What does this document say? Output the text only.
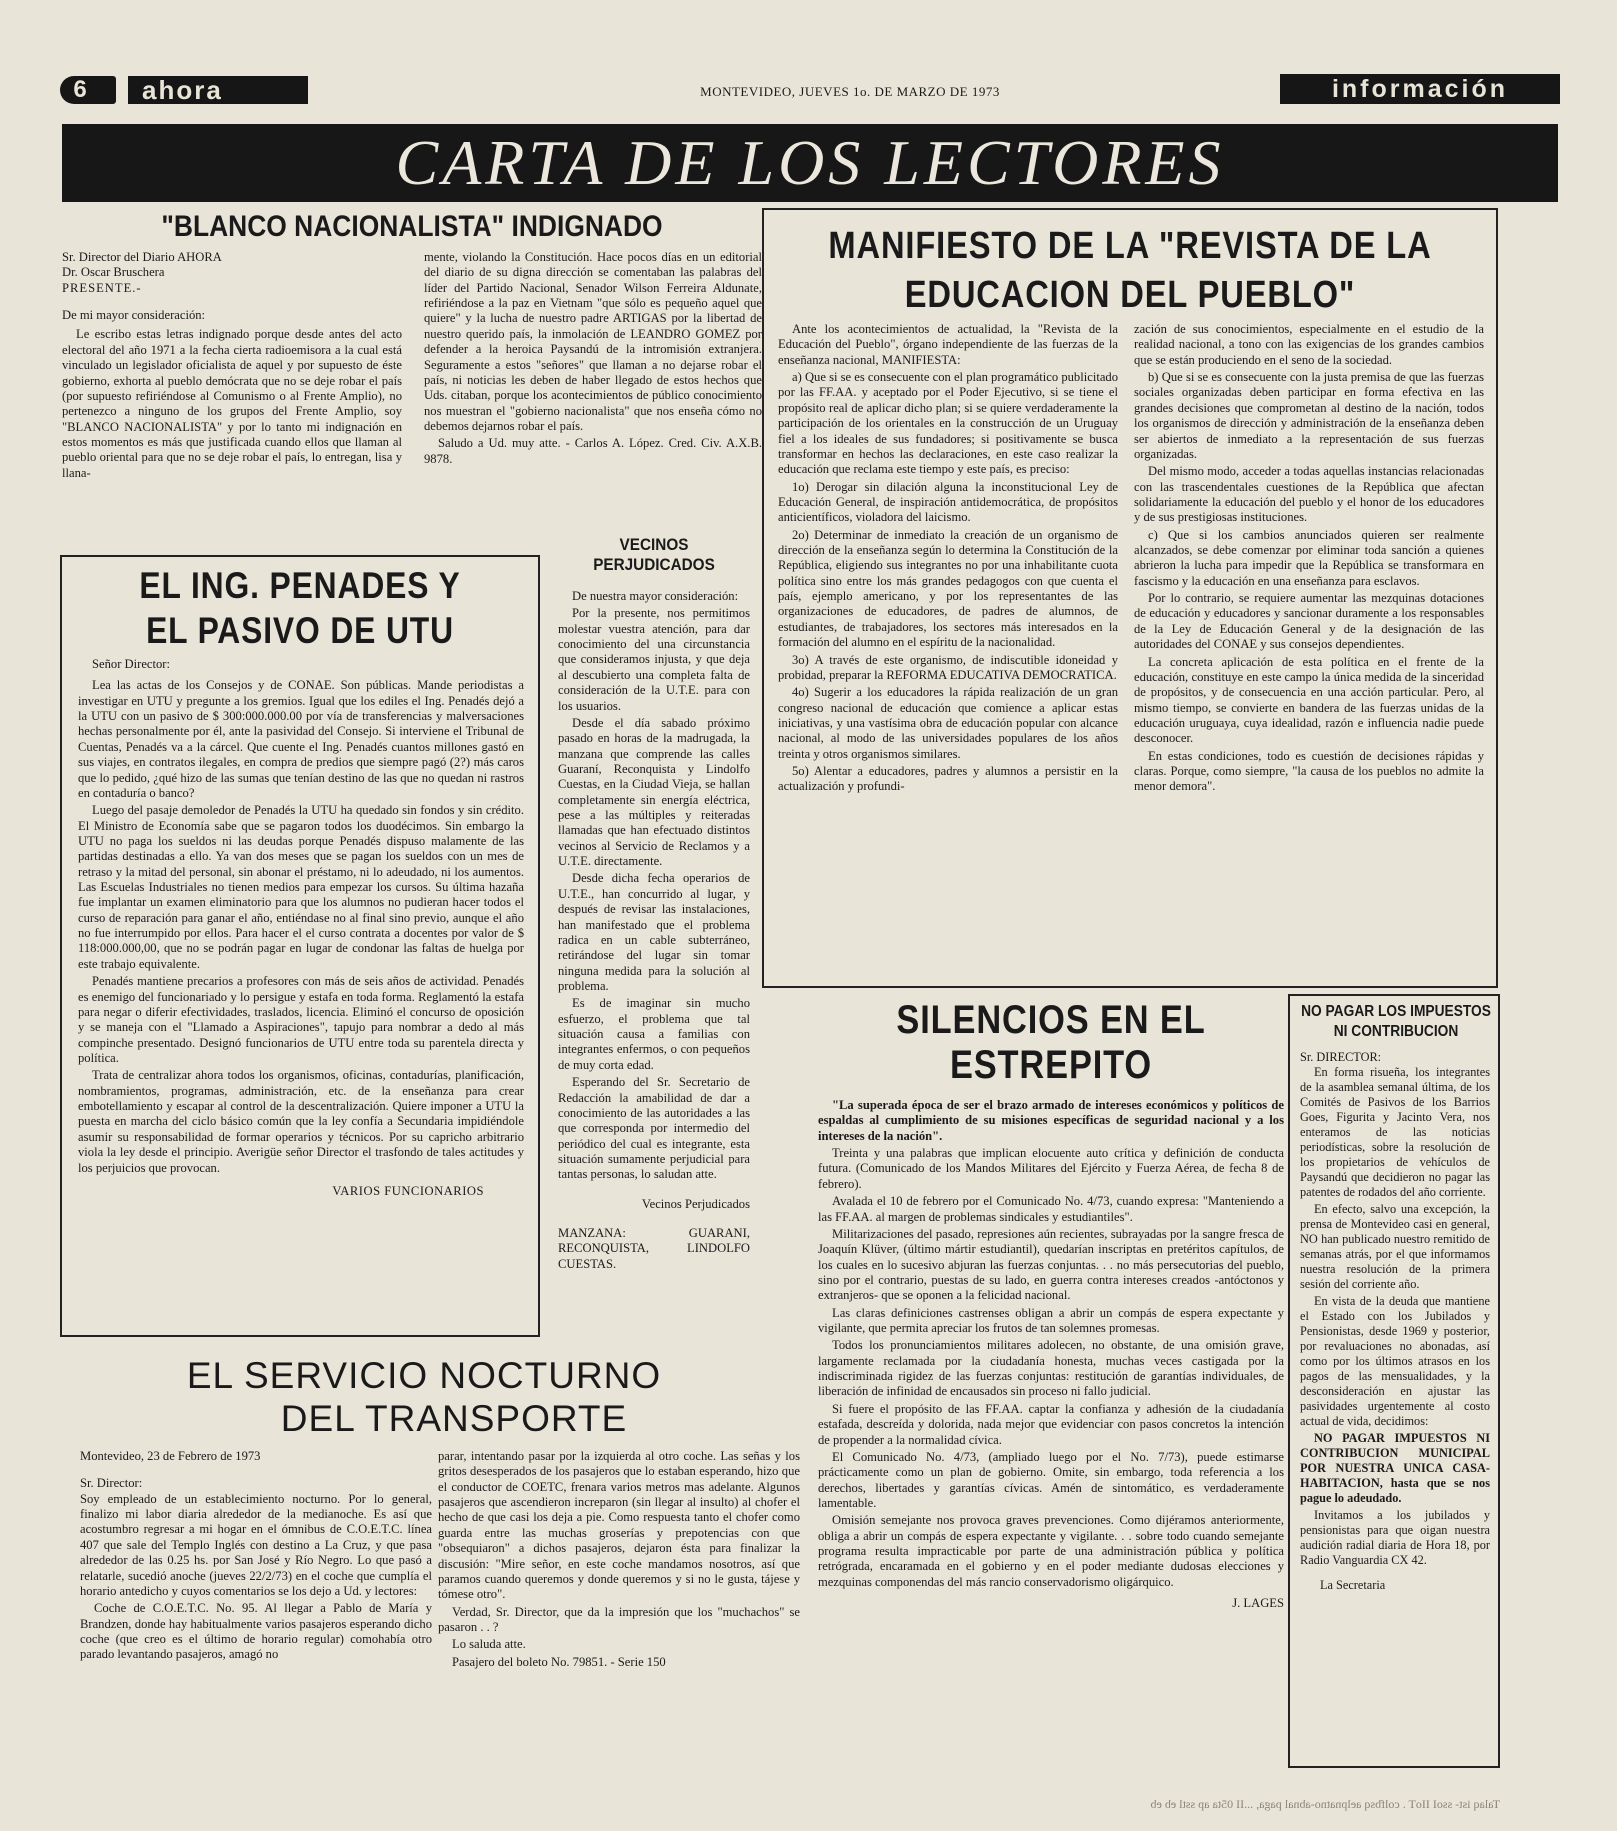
6	ahora	MONTEVIDEO, JUEVES 1o. DE MARZO DE 1973	información
CARTA DE LOS LECTORES
"BLANCO NACIONALISTA" INDIGNADO
Sr. Director del Diario AHORA
Dr. Oscar Bruschera
PRESENTE.-
De mi mayor consideración:

Le escribo estas letras indignado porque desde antes del acto electoral del año 1971 a la fecha cierta radioemisora a la cual está vinculado un legislador oficialista de aquel y por supuesto de éste gobierno, exhorta al pueblo demócrata que no se deje robar el país (por supuesto refiriéndose al Comunismo o al Frente Amplio), no pertenezco a ninguno de los grupos del Frente Amplio, soy "BLANCO NACIONALISTA" y por lo tanto mi indignación en estos momentos es más que justificada cuando ellos que llaman al pueblo oriental para que no se deje robar el país, lo entregan, lisa y llana-

mente, violando la Constitución. Hace pocos días en un editorial del diario de su digna dirección se comentaban las palabras del líder del Partido Nacional, Senador Wilson Ferreira Aldunate, refiriéndose a la paz en Vietnam "que sólo es pequeño aquel que quiere" y la lucha de nuestro padre ARTIGAS por la libertad de nuestro querido país, la inmolación de LEANDRO GOMEZ por defender a la heroica Paysandú de la intromisión extranjera. Seguramente a estos "señores" que llaman a no dejarse robar el país, ni noticias les deben de haber llegado de estos hechos que Uds. citaban, porque los acontecimientos de público conocimiento nos muestran el "gobierno nacionalista" que nos enseña cómo no debemos dejarnos robar el país.

Saludo a Ud. muy atte. - Carlos A. López. Cred. Civ. A.X.B. 9878.

MANIFIESTO DE LA "REVISTA DE LA
EDUCACION DEL PUEBLO"

Ante los acontecimientos de actualidad, la "Revista de la Educación del Pueblo", órgano independiente de las fuerzas de la enseñanza nacional, MANIFIESTA:

a) Que si se es consecuente con el plan programático publicitado por las FF.AA. y aceptado por el Poder Ejecutivo, si se tiene el propósito real de aplicar dicho plan; si se quiere verdaderamente la participación de los orientales en la construcción de un Uruguay fiel a los ideales de sus fundadores; si positivamente se busca transformar en hechos las declaraciones, en este caso realizar la educación que reclama este tiempo y este país, es preciso:

1o) Derogar sin dilación alguna la inconstitucional Ley de Educación General, de inspiración antidemocrática, de propósitos anticientíficos, violadora del laicismo.

2o) Determinar de inmediato la creación de un organismo de dirección de la enseñanza según lo determina la Constitución de la República, eligiendo sus integrantes no por una inhabilitante cuota política sino entre los más grandes pedagogos con que cuenta el país, ejemplo americano, y por los representantes de las organizaciones de educadores, de padres de alumnos, de estudiantes, de trabajadores, los sectores más interesados en la formación del alumno en el espíritu de la nacionalidad.

3o) A través de este organismo, de indiscutible idoneidad y probidad, preparar la REFORMA EDUCATIVA DEMOCRATICA.

4o) Sugerir a los educadores la rápida realización de un gran congreso nacional de educación que comience a aplicar estas iniciativas, y una vastísima obra de educación popular con alcance nacional, al modo de las universidades populares de los años treinta y otros organismos similares.

5o) Alentar a educadores, padres y alumnos a persistir en la actualización y profundi-

zación de sus conocimientos, especialmente en el estudio de la realidad nacional, a tono con las exigencias de los grandes cambios que se están produciendo en el seno de la sociedad.

b) Que si se es consecuente con la justa premisa de que las fuerzas sociales organizadas deben participar en forma efectiva en las grandes decisiones que comprometan al destino de la nación, todos los organismos de dirección y administración de la enseñanza deben ser abiertos de inmediato a la representación de sus fuerzas organizadas.

Del mismo modo, acceder a todas aquellas instancias relacionadas con las trascendentales cuestiones de la República que afectan solidariamente la educación del pueblo y el honor de los educadores y de sus prestigiosas instituciones.

c) Que si los cambios anunciados quieren ser realmente alcanzados, se debe comenzar por eliminar toda sanción a quienes abrieron la lucha para impedir que la República se transformara en fascismo y la educación en una enseñanza para esclavos.

Por lo contrario, se requiere aumentar las mezquinas dotaciones de educación y educadores y sancionar duramente a los responsables de la Ley de Educación General y de la designación de las autoridades del CONAE y sus consejos dependientes.

La concreta aplicación de esta política en el frente de la educación, constituye en este campo la única medida de la sinceridad de propósitos, y de consecuencia en una acción particular. Pero, al mismo tiempo, se convierte en bandera de las fuerzas unidas de la educación uruguaya, cuya idealidad, razón e influencia nadie puede desconocer.

En estas condiciones, todo es cuestión de decisiones rápidas y claras. Porque, como siempre, "la causa de los pueblos no admite la menor demora".

EL ING. PENADES Y
EL PASIVO DE UTU
Señor Director:

Lea las actas de los Consejos y de CONAE. Son públicas. Mande periodistas a investigar en UTU y pregunte a los gremios. Igual que los ediles el Ing. Penadés dejó a la UTU con un pasivo de $ 300:000.000.00 por vía de transferencias y malversaciones hechas personalmente por él, ante la pasividad del Consejo. Si interviene el Tribunal de Cuentas, Penadés va a la cárcel. Que cuente el Ing. Penadés cuantos millones gastó en sus viajes, en contratos ilegales, en compra de predios que siempre pagó (2?) más caros que lo pedido, ¿qué hizo de las sumas que tenían destino de las que no quedan ni rastros en contaduría o banco?

Luego del pasaje demoledor de Penadés la UTU ha quedado sin fondos y sin crédito. El Ministro de Economía sabe que se pagaron todos los duodécimos. Sin embargo la UTU no paga los sueldos ni las deudas porque Penadés dispuso malamente de las partidas destinadas a ello. Ya van dos meses que se pagan los sueldos con un mes de retraso y la mitad del personal, sin abonar el préstamo, ni lo adeudado, ni los aumentos. Las Escuelas Industriales no tienen medios para empezar los cursos. Su última hazaña fue implantar un examen eliminatorio para que los alumnos no pudieran hacer todos el curso de reparación para ganar el año, entiéndase no al final sino previo, aunque el año no fue interrumpido por ellos. Para hacer el el curso contrata a docentes por valor de $ 118:000.000,00, que no se podrán pagar en lugar de condonar las faltas de huelga por este trabajo equivalente.

Penadés mantiene precarios a profesores con más de seis años de actividad. Penadés es enemigo del funcionariado y lo persigue y estafa en toda forma. Reglamentó la estafa para negar o diferir efectividades, traslados, licencia. Eliminó el concurso de oposición y se maneja con el "Llamado a Aspiraciones", tapujo para nombrar a dedo al más compinche presentado. Designó funcionarios de UTU entre toda su parentela directa y política.

Trata de centralizar ahora todos los organismos, oficinas, contadurías, planificación, nombramientos, programas, administración, etc. de la enseñanza para crear embotellamiento y escapar al control de la descentralización. Quiere imponer a UTU la puesta en marcha del ciclo básico común que la ley confía a Secundaria impidiéndole asumir su responsabilidad de formar operarios y técnicos. Por su capricho arbitrario viola la ley desde el principio. Averigüe señor Director el trasfondo de tales actitudes y los perjuicios que provocan.

VARIOS FUNCIONARIOS
VECINOS PERJUDICADOS

De nuestra mayor consideración:

Por la presente, nos permitimos molestar vuestra atención, para dar conocimiento del una circunstancia que consideramos injusta, y que deja al descubierto una completa falta de consideración de la U.T.E. para con los usuarios.

Desde el día sabado próximo pasado en horas de la madrugada, la manzana que comprende las calles Guaraní, Reconquista y Lindolfo Cuestas, en la Ciudad Vieja, se hallan completamente sin energía eléctrica, pese a las múltiples y reiteradas llamadas que han efectuado distintos vecinos al Servicio de Reclamos y a U.T.E. directamente.

Desde dicha fecha operarios de U.T.E., han concurrido al lugar, y después de revisar las instalaciones, han manifestado que el problema radica en un cable subterráneo, retirándose del lugar sin tomar ninguna medida para la solución al problema.

Es de imaginar sin mucho esfuerzo, el problema que tal situación causa a familias con integrantes enfermos, o con pequeños de muy corta edad.

Esperando del Sr. Secretario de Redacción la amabilidad de dar a conocimiento de las autoridades a las que corresponda por intermedio del periódico del cual es integrante, esta situación sumamente perjudicial para tantas personas, lo saludan atte.

Vecinos Perjudicados
MANZANA: GUARANI, RECONQUISTA, LINDOLFO CUESTAS.
SILENCIOS EN EL
ESTREPITO

"La superada época de ser el brazo armado de intereses económicos y políticos de espaldas al cumplimiento de su misiones específicas de seguridad nacional y a los intereses de la nación".

Treinta y una palabras que implican elocuente auto crítica y definición de conducta futura. (Comunicado de los Mandos Militares del Ejército y Fuerza Aérea, de fecha 8 de febrero).

Avalada el 10 de febrero por el Comunicado No. 4/73, cuando expresa: "Manteniendo a las FF.AA. al margen de problemas sindicales y estudiantiles".

Militarizaciones del pasado, represiones aún recientes, subrayadas por la sangre fresca de Joaquín Klüver, (último mártir estudiantil), quedarían inscriptas en pretéritos capítulos, de los cuales en lo sucesivo abjuran las fuerzas conjuntas. . . no más persecutorias del pueblo, sino por el contrario, puestas de su lado, en guerra contra intereses creados -antóctonos y extranjeros- que se oponen a la felicidad nacional.

Las claras definiciones castrenses obligan a abrir un compás de espera expectante y vigilante, que permita apreciar los frutos de tan solemnes promesas.

Todos los pronunciamientos militares adolecen, no obstante, de una omisión grave, largamente reclamada por la ciudadanía honesta, muchas veces castigada por la indiscriminada rigidez de las fuerzas conjuntas: restitución de garantías individuales, de liberación de infinidad de encausados sin proceso ni fallo judicial.

Si fuere el propósito de las FF.AA. captar la confianza y adhesión de la ciudadanía estafada, descreída y dolorida, nada mejor que evidenciar con pasos concretos la intención de propender a la normalidad cívica.

El Comunicado No. 4/73, (ampliado luego por el No. 7/73), puede estimarse prácticamente como un plan de gobierno. Omite, sin embargo, toda referencia a los derechos, libertades y garantías cívicas. Amén de sintomático, es verdaderamente lamentable.

Omisión semejante nos provoca graves prevenciones. Como dijéramos anteriormente, obliga a abrir un compás de espera expectante y vigilante. . . sobre todo cuando semejante programa resulta impracticable por parte de una administración pública y política retrógrada, encaramada en el gobierno y en el poder mediante dudosas elecciones y mezquinas componendas del más rancio conservadorismo oligárquico.

J. LAGES
NO PAGAR LOS IMPUESTOS
NI CONTRIBUCION
Sr. DIRECTOR:

En forma risueña, los integrantes de la asamblea semanal última, de los Comités de Pasivos de los Barrios Goes, Figurita y Jacinto Vera, nos enteramos de las noticias periodísticas, sobre la resolución de los propietarios de vehículos de Paysandú que decidieron no pagar las patentes de rodados del año corriente.

En efecto, salvo una excepción, la prensa de Montevideo casi en general, NO han publicado nuestro remitido de semanas atrás, por el que informamos nuestra resolución de la primera sesión del corriente año.

En vista de la deuda que mantiene el Estado con los Jubilados y Pensionistas, desde 1969 y posterior, por revaluaciones no abonadas, así como por los últimos atrasos en los pagos de las mensualidades, y la desconsideración en ajustar las pasividades urgentemente al costo actual de vida, decidimos:

NO PAGAR IMPUESTOS NI CONTRIBUCION MUNICIPAL POR NUESTRA UNICA CASA-HABITACION, hasta que se nos pague lo adeudado.

Invitamos a los jubilados y pensionistas para que oigan nuestra audición radial diaria de Hora 18, por Radio Vanguardia CX 42.

La Secretaria
EL SERVICIO NOCTURNO
DEL TRANSPORTE
Montevideo, 23 de Febrero de 1973
Sr. Director:

Soy empleado de un establecimiento nocturno. Por lo general, finalizo mi labor diaria alrededor de la medianoche. Es así que acostumbro regresar a mi hogar en el ómnibus de C.O.E.T.C. línea 407 que sale del Templo Inglés con destino a La Cruz, y que pasa alrededor de las 0.25 hs. por San José y Río Negro. Lo que pasó a relatarle, sucedió anoche (jueves 22/2/73) en el coche que cumplía el horario antedicho y cuyos comentarios se los dejo a Ud. y lectores:

Coche de C.O.E.T.C. No. 95. Al llegar a Pablo de María y Brandzen, donde hay habitualmente varios pasajeros esperando dicho coche (que creo es el último de horario regular) comohabía otro parado levantando pasajeros, amagó no

parar, intentando pasar por la izquierda al otro coche. Las señas y los gritos desesperados de los pasajeros que lo estaban esperando, hizo que el conductor de COETC, frenara varios metros mas adelante. Algunos pasajeros que ascendieron increparon (sin llegar al insulto) al chofer el hecho de que casi los deja a pie. Como respuesta tanto el chofer como guarda entre las muchas groserías y prepotencias con que "obsequiaron" a dichos pasajeros, dejaron ésta para finalizar la discusión: "Mire señor, en este coche mandamos nosotros, así que paramos cuando queremos y donde queremos y si no le gusta, tájese y tómese otro".

Verdad, Sr. Director, que da la impresión que los "muchachos" se pasaron . . ?

Lo saluda atte.

Pasajero del boleto No. 79851. - Serie 150
Talaq ist- ssoI IIoT . colfbsq aelpnatno-abnal paga, ...II 05ta ap sstl eb eb
